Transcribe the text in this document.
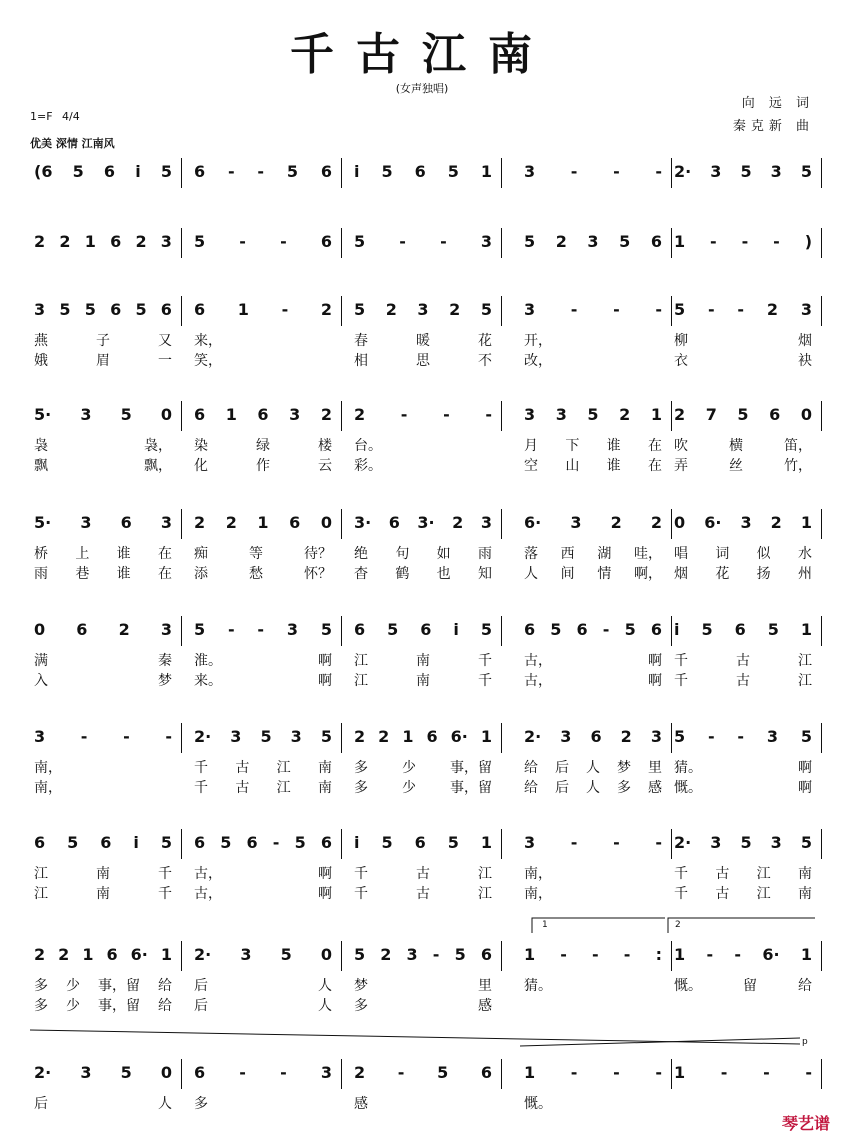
千古江南
(女声独唱)
向 远 词
秦克新 曲
1=F 4/4
优美 深情 江南风
(6 5 6 i 5 6 - - 5 6 i 5 6 5 1 3 - - - 2· 3 5 3 5
2 2 1 6 2 3 5 - - 6 5 - - 3 5 2 3 5 6 1 - - - )
3 5 5 6 5 6 6 1 - 2 5 2 3 2 5 3 - - - 5 - - 2 3
燕	子	又 来，	春	暖	花 开，	柳	烟
娥	眉	一 笑，	相	思	不 改，	衣	袂
5· 3 5 0 6 1 6 3 2 2 - - - 3 3 5 2 1 2 7 5 6 0
袅	袅， 染	绿	楼 台。	月 下 谁 在 吹	横	笛，
飘	飘， 化	作	云 彩。	空 山 谁 在 弄	丝	竹，
5· 3 6 3 2 2 1 6 0 3· 6 3· 2 3 6· 3 2 2 0 6· 3 2 1
桥 上 谁 在 痴	等	待？ 绝 句 如 雨 落 西 湖 哇， 唱 词 似 水
雨 巷 谁 在 添	愁	怀？ 杳 鹤 也 知 人 间 情 啊， 烟 花 扬 州
0 6 2 3 5 - - 3 5 6 5 6 i 5 6 5 6 - 5 6 i 5 6 5 1
满	秦 淮。	啊 江	南	千 古，	啊 千	古	江
入	梦 来。	啊 江	南	千 古，	啊 千	古	江
3 - - - 2· 3 5 3 5 2 2 1 6 6· 1 2· 3 6 2 3 5 - - 3 5
南，	千 古 江 南 多 少 事，留 给 后 人 梦 里 猜。	啊
南，	千 古 江 南 多 少 事，留 给 后 人 多 感 慨。	啊
6 5 6 i 5 6 5 6 - 5 6 i 5 6 5 1 3 - - - 2· 3 5 3 5
江	南	千 古，	啊 千	古	江 南，	千 古 江 南
江	南	千 古，	啊 千	古	江 南，	千 古 江 南
2 2 1 6 6· 1 2· 3 5 0 5 2 3 - 5 6 1 - - - : 1 - - 6· 1
多 少 事，留 给 后	人 梦	里 猜。	慨。	留	给
多 少 事，留 给 后	人 多	感
2· 3 5 0 6 - - 3 2 - 5 6 1 - - - 1 - - -
后	人 多	感	慨。
1	2
p
琴艺谱
